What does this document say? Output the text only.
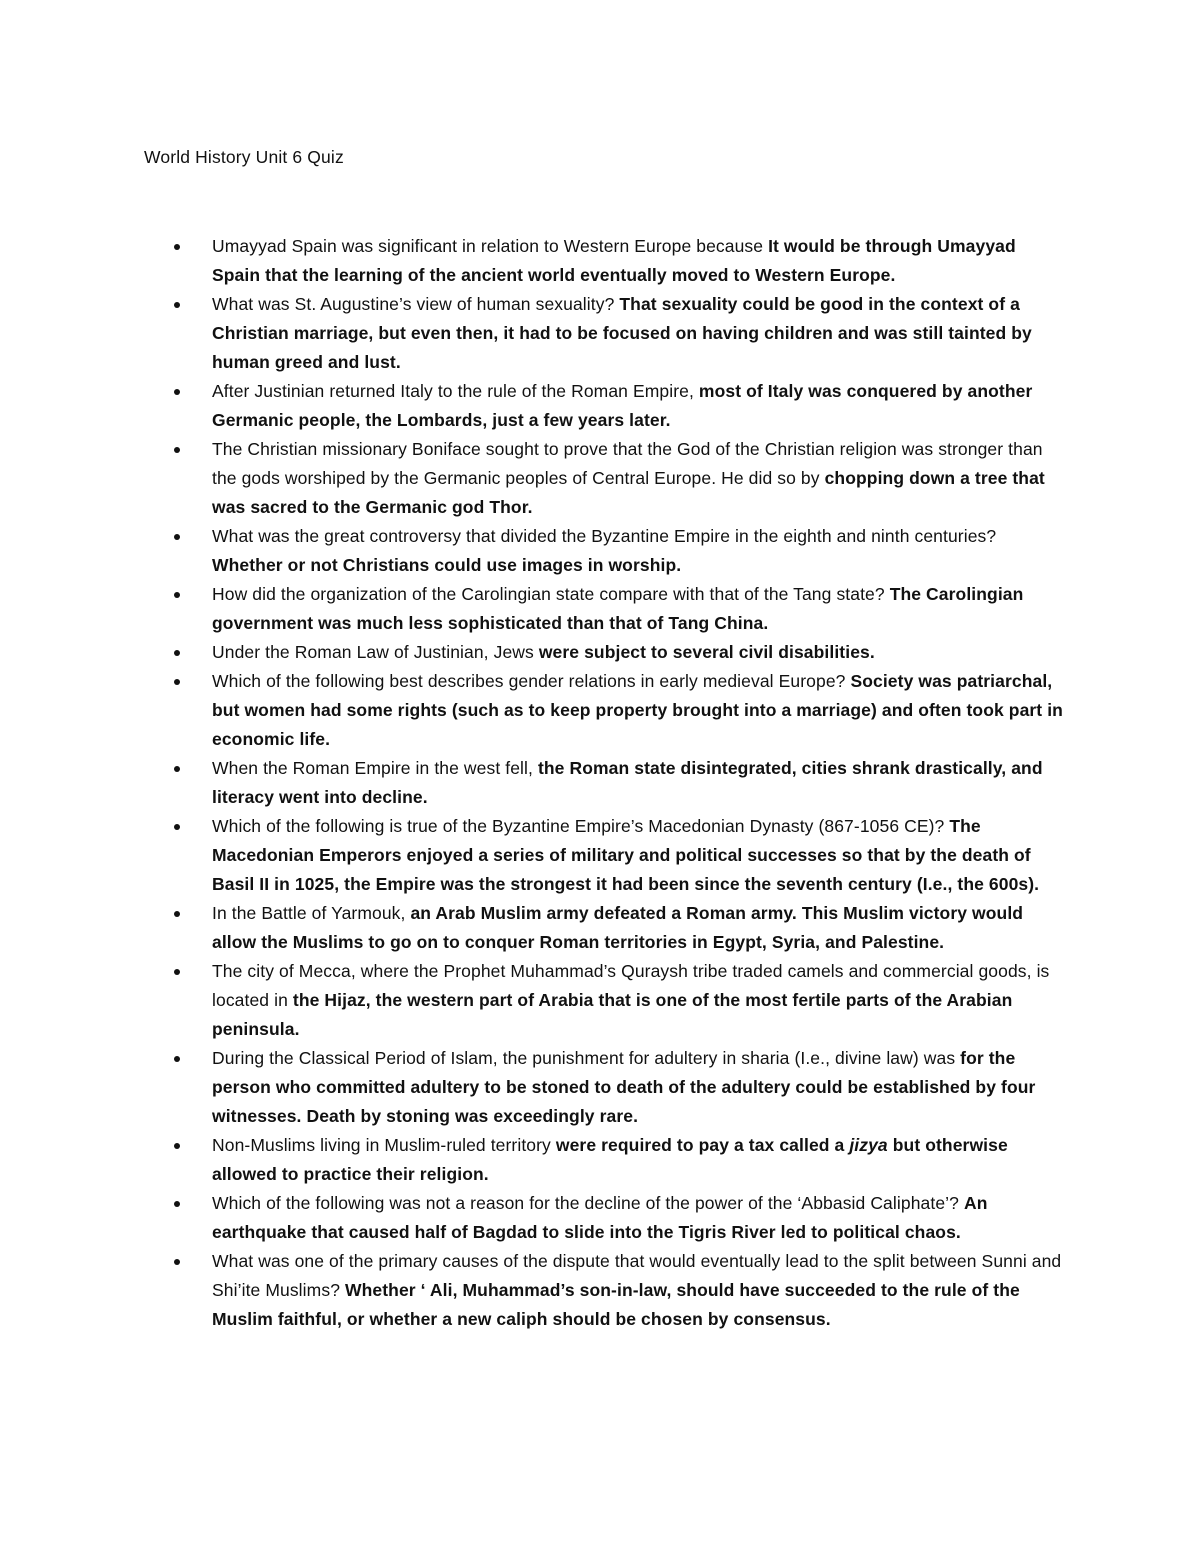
World History Unit 6 Quiz
Umayyad Spain was significant in relation to Western Europe because It would be through Umayyad Spain that the learning of the ancient world eventually moved to Western Europe.
What was St. Augustine’s view of human sexuality? That sexuality could be good in the context of a Christian marriage, but even then, it had to be focused on having children and was still tainted by human greed and lust.
After Justinian returned Italy to the rule of the Roman Empire, most of Italy was conquered by another Germanic people, the Lombards, just a few years later.
The Christian missionary Boniface sought to prove that the God of the Christian religion was stronger than the gods worshiped by the Germanic peoples of Central Europe. He did so by chopping down a tree that was sacred to the Germanic god Thor.
What was the great controversy that divided the Byzantine Empire in the eighth and ninth centuries? Whether or not Christians could use images in worship.
How did the organization of the Carolingian state compare with that of the Tang state? The Carolingian government was much less sophisticated than that of Tang China.
Under the Roman Law of Justinian, Jews were subject to several civil disabilities.
Which of the following best describes gender relations in early medieval Europe? Society was patriarchal, but women had some rights (such as to keep property brought into a marriage) and often took part in economic life.
When the Roman Empire in the west fell, the Roman state disintegrated, cities shrank drastically, and literacy went into decline.
Which of the following is true of the Byzantine Empire’s Macedonian Dynasty (867-1056 CE)? The Macedonian Emperors enjoyed a series of military and political successes so that by the death of Basil II in 1025, the Empire was the strongest it had been since the seventh century (I.e., the 600s).
In the Battle of Yarmouk, an Arab Muslim army defeated a Roman army. This Muslim victory would allow the Muslims to go on to conquer Roman territories in Egypt, Syria, and Palestine.
The city of Mecca, where the Prophet Muhammad’s Quraysh tribe traded camels and commercial goods, is located in the Hijaz, the western part of Arabia that is one of the most fertile parts of the Arabian peninsula.
During the Classical Period of Islam, the punishment for adultery in sharia (I.e., divine law) was for the person who committed adultery to be stoned to death of the adultery could be established by four witnesses. Death by stoning was exceedingly rare.
Non-Muslims living in Muslim-ruled territory were required to pay a tax called a jizya but otherwise allowed to practice their religion.
Which of the following was not a reason for the decline of the power of the ‘Abbasid Caliphate’? An earthquake that caused half of Bagdad to slide into the Tigris River led to political chaos.
What was one of the primary causes of the dispute that would eventually lead to the split between Sunni and Shi’ite Muslims? Whether ‘ Ali, Muhammad’s son-in-law, should have succeeded to the rule of the Muslim faithful, or whether a new caliph should be chosen by consensus.
